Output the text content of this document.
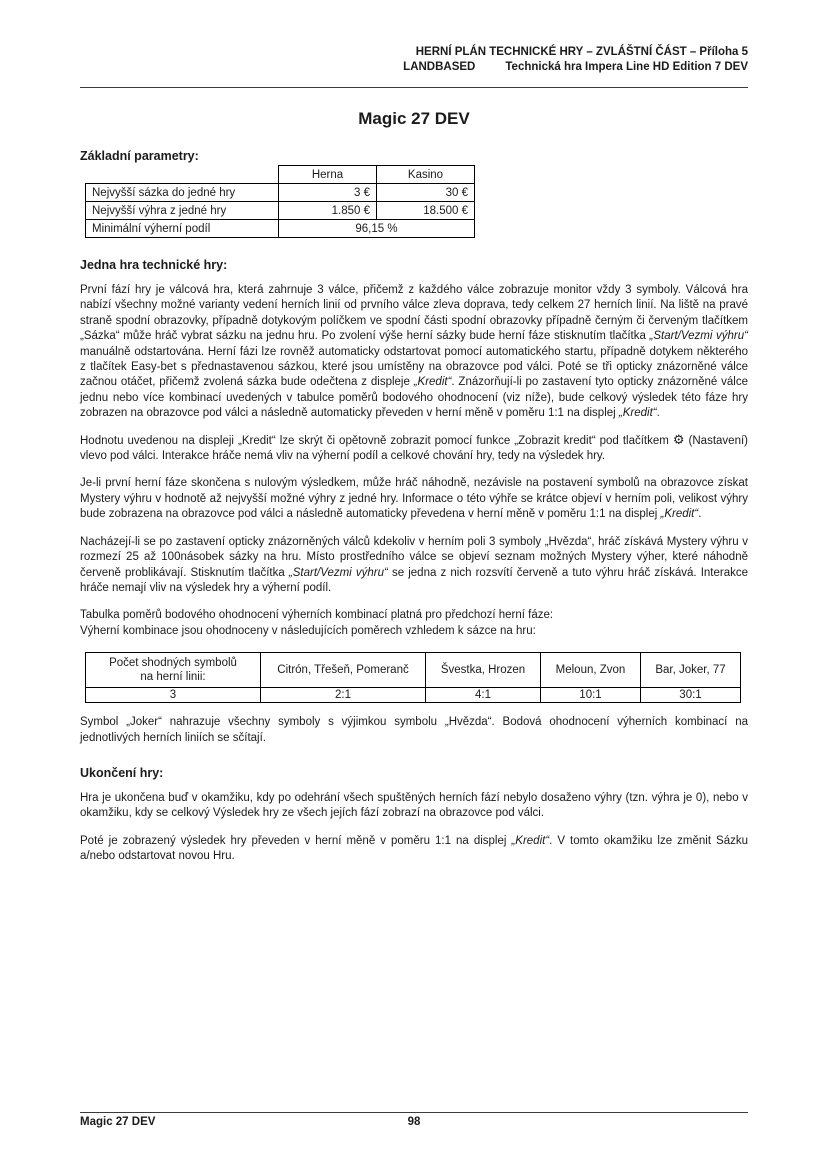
HERNÍ PLÁN TECHNICKÉ HRY – ZVLÁŠTNÍ ČÁST – Příloha 5
LANDBASED	Technická hra Impera Line HD Edition 7 DEV
Magic 27 DEV
Základní parametry:
	Herna	Kasino
Nejvyšší sázka do jedné hry	3 €	30 €
Nejvyšší výhra z jedné hry	1.850 €	18.500 €
Minimální výherní podíl	96,15 %	
Jedna hra technické hry:

První fází hry je válcová hra, která zahrnuje 3 válce, přičemž z každého válce zobrazuje monitor vždy 3 symboly. Válcová hra nabízí všechny možné varianty vedení herních linií od prvního válce zleva doprava, tedy celkem 27 herních linií. Na liště na pravé straně spodní obrazovky, případně dotykovým políčkem ve spodní části spodní obrazovky případně černým či červeným tlačítkem „Sázka“ může hráč vybrat sázku na jednu hru. Po zvolení výše herní sázky bude herní fáze stisknutím tlačítka „Start/Vezmi výhru“ manuálně odstartována. Herní fázi lze rovněž automaticky odstartovat pomocí automatického startu, případně dotykem některého z tlačítek Easy-bet s přednastavenou sázkou, které jsou umístěny na obrazovce pod válci. Poté se tři opticky znázorněné válce začnou otáčet, přičemž zvolená sázka bude odečtena z displeje „Kredit“. Znázorňují-li po zastavení tyto opticky znázorněné válce jednu nebo více kombinací uvedených v tabulce poměrů bodového ohodnocení (viz níže), bude celkový výsledek této fáze hry zobrazen na obrazovce pod válci a následně automaticky převeden v herní měně v poměru 1:1 na displej „Kredit“.

Hodnotu uvedenou na displeji „Kredit“ lze skrýt či opětovně zobrazit pomocí funkce „Zobrazit kredit“ pod tlačítkem ⚙ (Nastavení) vlevo pod válci. Interakce hráče nemá vliv na výherní podíl a celkové chování hry, tedy na výsledek hry.

Je-li první herní fáze skončena s nulovým výsledkem, může hráč náhodně, nezávisle na postavení symbolů na obrazovce získat Mystery výhru v hodnotě až nejvyšší možné výhry z jedné hry. Informace o této výhře se krátce objeví v herním poli, velikost výhry bude zobrazena na obrazovce pod válci a následně automaticky převedena v herní měně v poměru 1:1 na displej „Kredit“.

Nacházejí-li se po zastavení opticky znázorněných válců kdekoliv v herním poli 3 symboly „Hvězda“, hráč získává Mystery výhru v rozmezí 25 až 100násobek sázky na hru. Místo prostředního válce se objeví seznam možných Mystery výher, které náhodně červeně problikávají. Stisknutím tlačítka „Start/Vezmi výhru“ se jedna z nich rozsvítí červeně a tuto výhru hráč získává. Interakce hráče nemají vliv na výsledek hry a výherní podíl.

Tabulka poměrů bodového ohodnocení výherních kombinací platná pro předchozí herní fáze:

Výherní kombinace jsou ohodnoceny v následujících poměrech vzhledem k sázce na hru:

Počet shodných symbolů
na herní linii:	Citrón, Třešeň, Pomeranč	Švestka, Hrozen	Meloun, Zvon	Bar, Joker, 77
3	2:1	4:1	10:1	30:1

Symbol „Joker“ nahrazuje všechny symboly s výjimkou symbolu „Hvězda“. Bodová ohodnocení výherních kombinací na jednotlivých herních liniích se sčítají.

Ukončení hry:

Hra je ukončena buď v okamžiku, kdy po odehrání všech spuštěných herních fází nebylo dosaženo výhry (tzn. výhra je 0), nebo v okamžiku, kdy se celkový Výsledek hry ze všech jejích fází zobrazí na obrazovce pod válci.

Poté je zobrazený výsledek hry převeden v herní měně v poměru 1:1 na displej „Kredit“. V tomto okamžiku lze změnit Sázku a/nebo odstartovat novou Hru.

Magic 27 DEV	98
